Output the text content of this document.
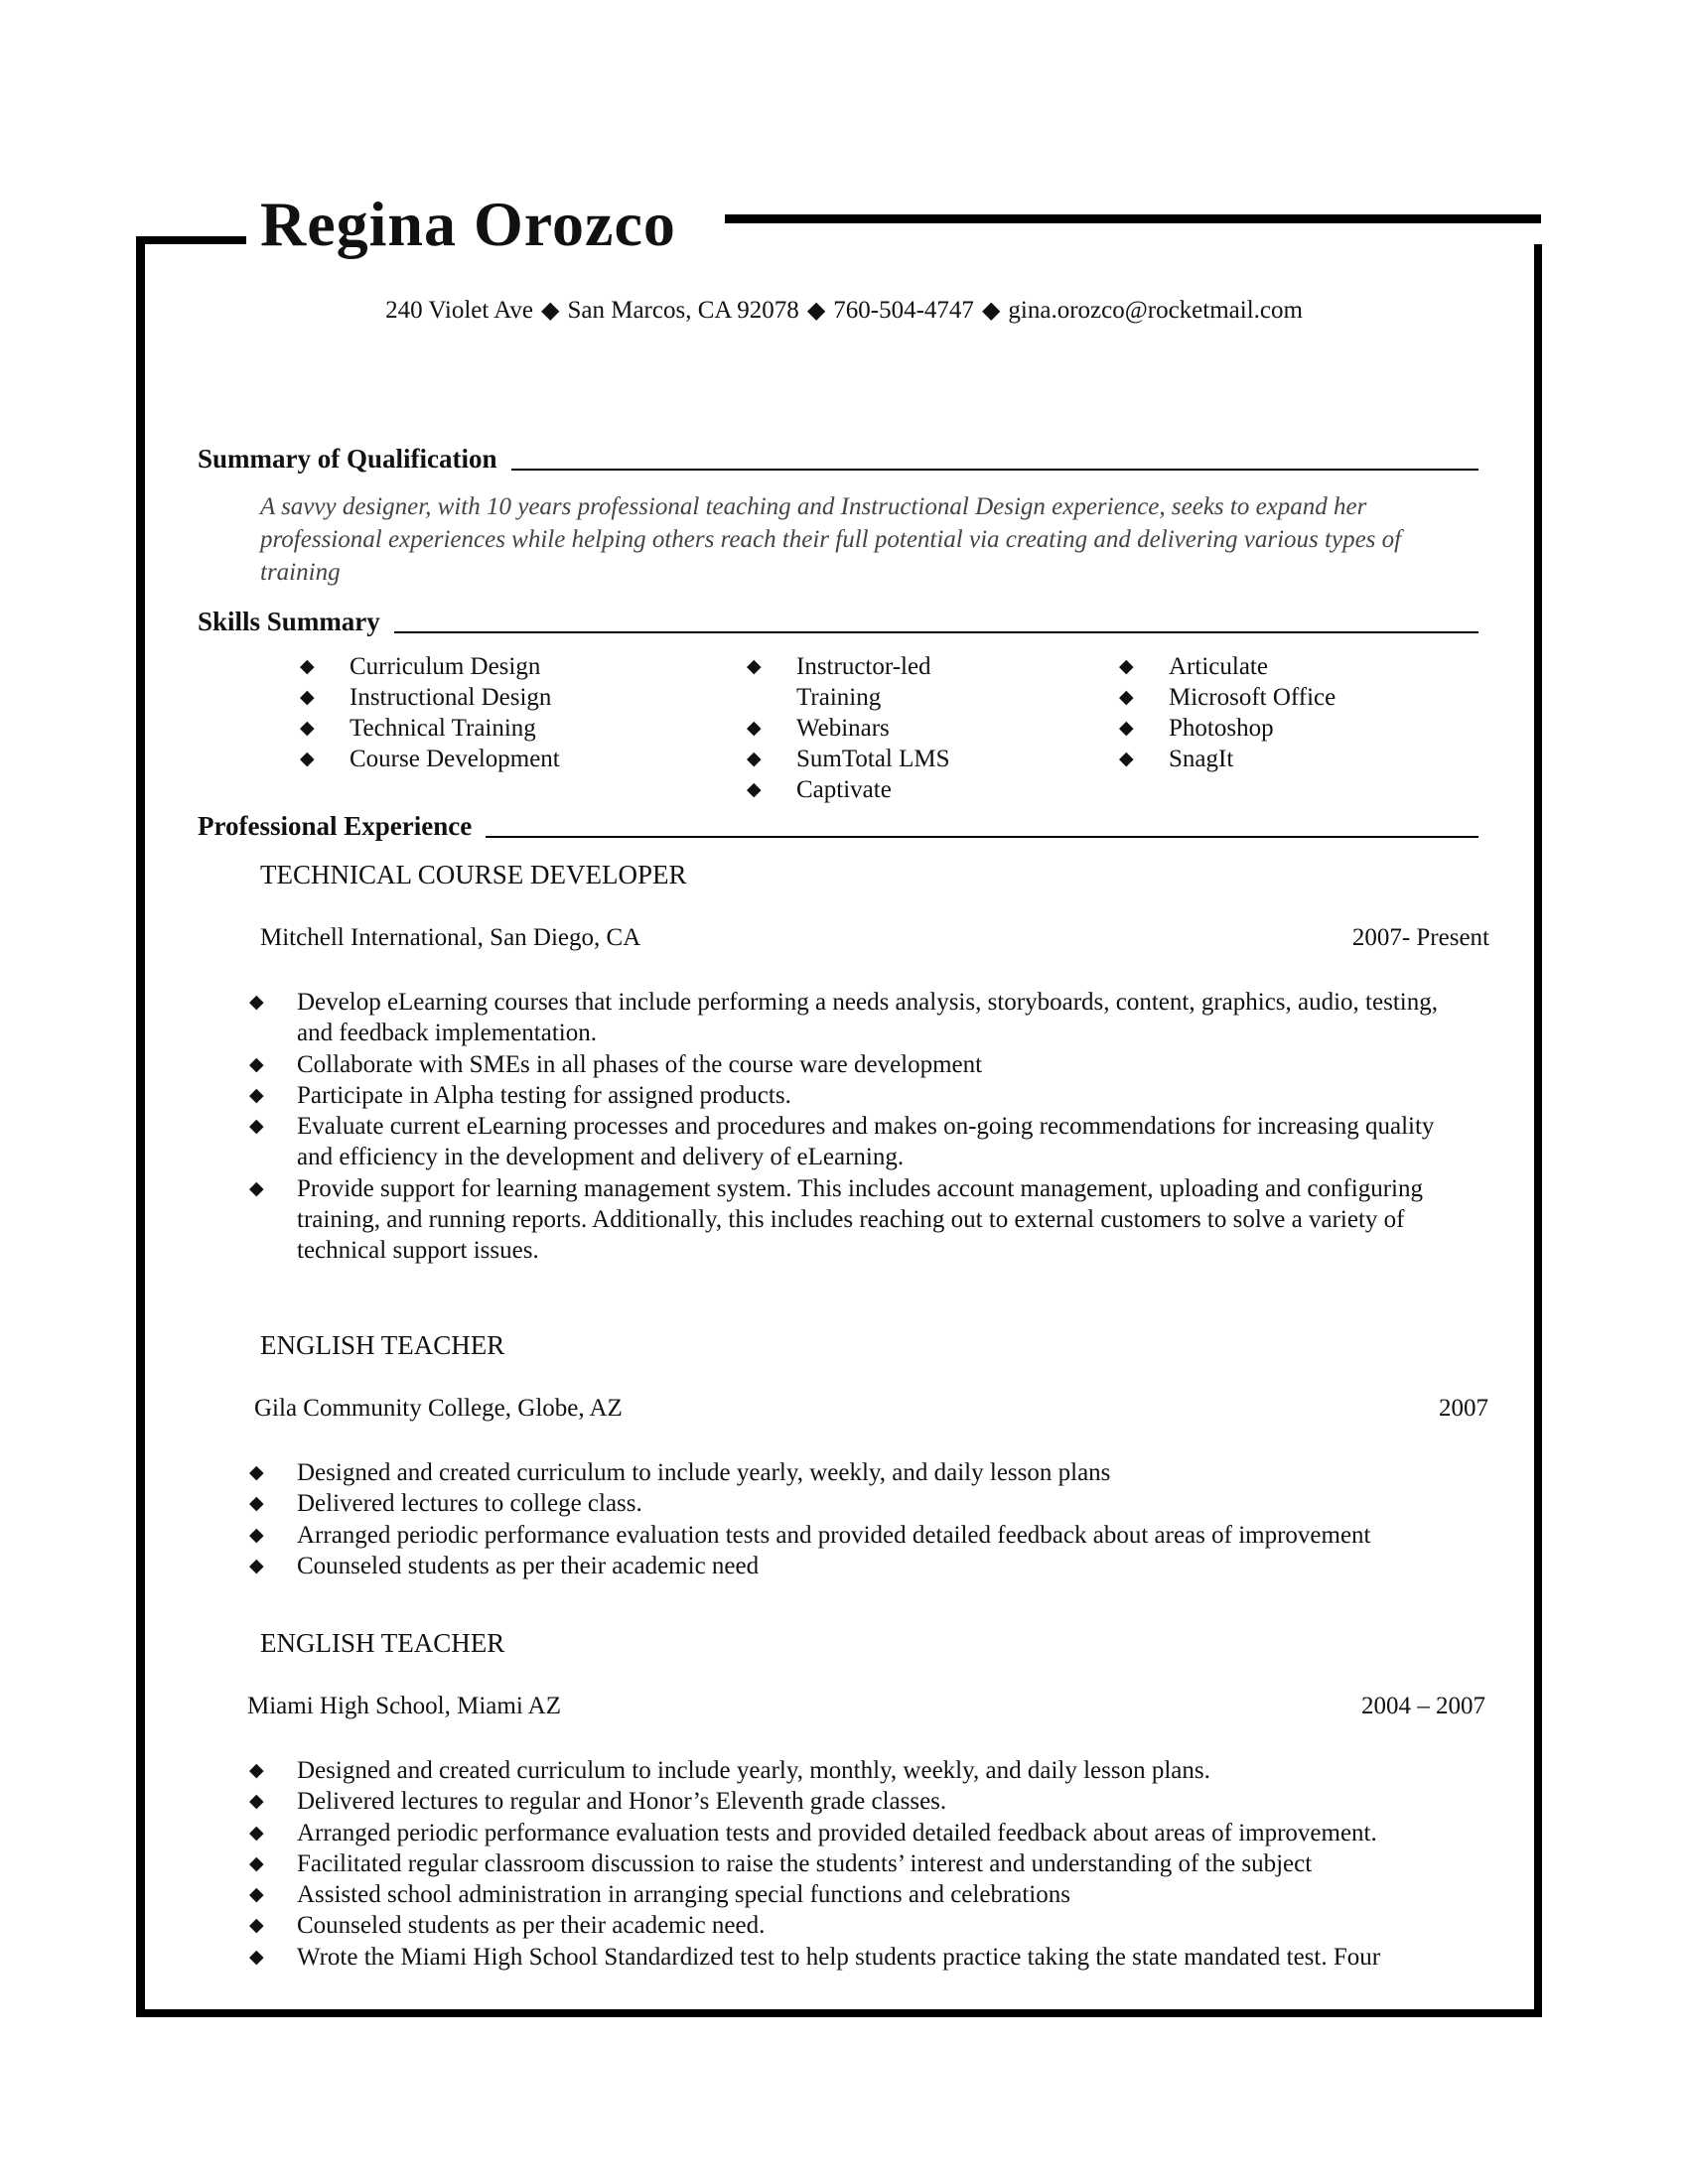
Regina Orozco
240 Violet Ave ◆ San Marcos, CA 92078 ◆ 760-504-4747 ◆ gina.orozco@rocketmail.com
Summary of Qualification
A savvy designer, with 10 years professional teaching and Instructional Design experience, seeks to expand her professional experiences while helping others reach their full potential via creating and delivering various types of training
Skills Summary
◆ Curriculum Design
◆ Instructional Design
◆ Technical Training
◆ Course Development
◆ Instructor-led
Training
◆ Webinars
◆ SumTotal LMS
◆ Captivate
◆ Articulate
◆ Microsoft Office
◆ Photoshop
◆ SnagIt
Professional Experience
TECHNICAL COURSE DEVELOPER
Mitchell International, San Diego, CA	2007- Present
◆ Develop eLearning courses that include performing a needs analysis, storyboards, content, graphics, audio, testing, and feedback implementation.
◆ Collaborate with SMEs in all phases of the course ware development
◆ Participate in Alpha testing for assigned products.
◆ Evaluate current eLearning processes and procedures and makes on-going recommendations for increasing quality and efficiency in the development and delivery of eLearning.
◆ Provide support for learning management system. This includes account management, uploading and configuring training, and running reports. Additionally, this includes reaching out to external customers to solve a variety of technical support issues.
ENGLISH TEACHER
Gila Community College, Globe, AZ	2007
◆ Designed and created curriculum to include yearly, weekly, and daily lesson plans
◆ Delivered lectures to college class.
◆ Arranged periodic performance evaluation tests and provided detailed feedback about areas of improvement
◆ Counseled students as per their academic need
ENGLISH TEACHER
Miami High School, Miami AZ	2004 – 2007
◆ Designed and created curriculum to include yearly, monthly, weekly, and daily lesson plans.
◆ Delivered lectures to regular and Honor’s Eleventh grade classes.
◆ Arranged periodic performance evaluation tests and provided detailed feedback about areas of improvement.
◆ Facilitated regular classroom discussion to raise the students’ interest and understanding of the subject
◆ Assisted school administration in arranging special functions and celebrations
◆ Counseled students as per their academic need.
◆ Wrote the Miami High School Standardized test to help students practice taking the state mandated test. Four
